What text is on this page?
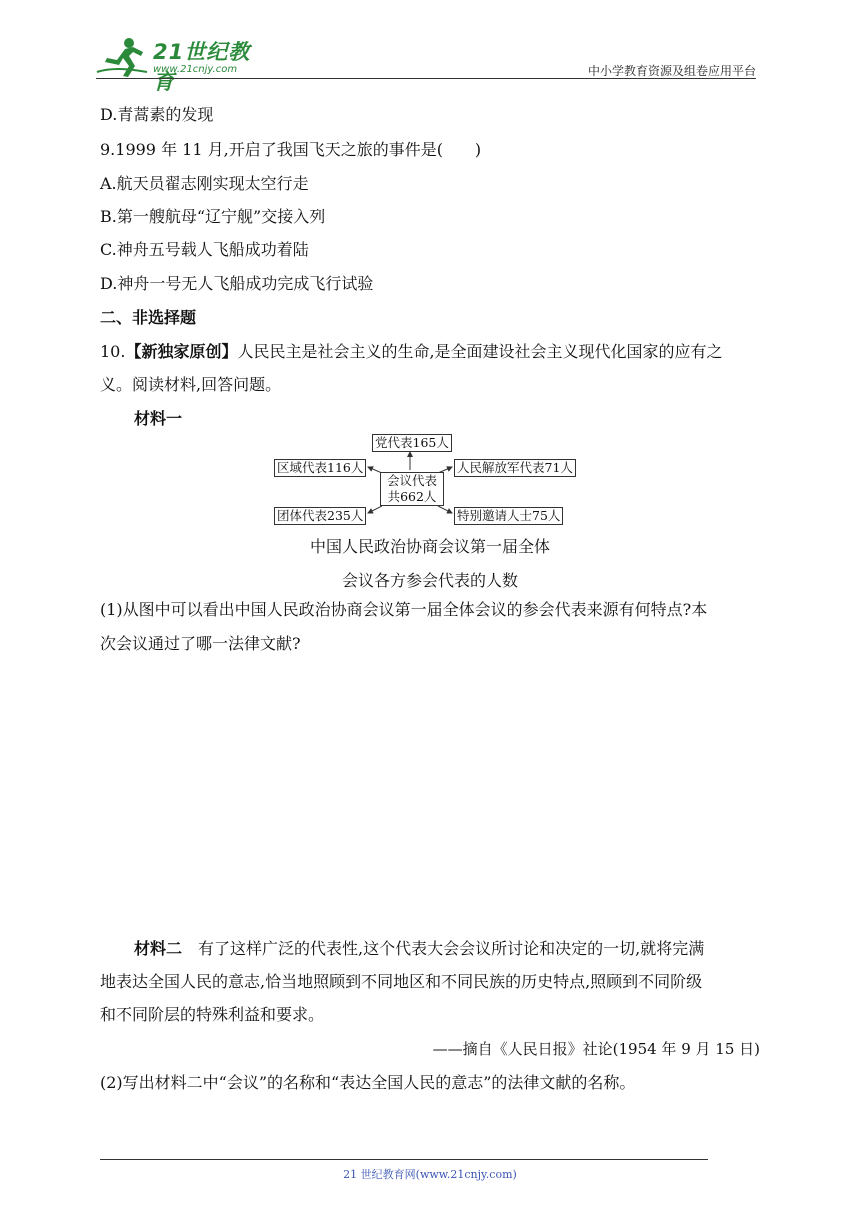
21世纪教育
www.21cnjy.com	中小学教育资源及组卷应用平台
D.青蒿素的发现
9.1999 年 11 月,开启了我国飞天之旅的事件是(　　)
A.航天员翟志刚实现太空行走
B.第一艘航母“辽宁舰”交接入列
C.神舟五号载人飞船成功着陆
D.神舟一号无人飞船成功完成飞行试验
二、非选择题
10.【新独家原创】人民民主是社会主义的生命,是全面建设社会主义现代化国家的应有之
义。阅读材料,回答问题。
材料一
党代表165人
区域代表116人	人民解放军代表71人
会议代表
共662人
团体代表235人	特别邀请人士75人
中国人民政治协商会议第一届全体
会议各方参会代表的人数
(1)从图中可以看出中国人民政治协商会议第一届全体会议的参会代表来源有何特点?本
次会议通过了哪一法律文献?
材料二　有了这样广泛的代表性,这个代表大会会议所讨论和决定的一切,就将完满
地表达全国人民的意志,恰当地照顾到不同地区和不同民族的历史特点,照顾到不同阶级
和不同阶层的特殊利益和要求。
——摘自《人民日报》社论(1954 年 9 月 15 日)
(2)写出材料二中“会议”的名称和“表达全国人民的意志”的法律文献的名称。
21 世纪教育网(www.21cnjy.com)
